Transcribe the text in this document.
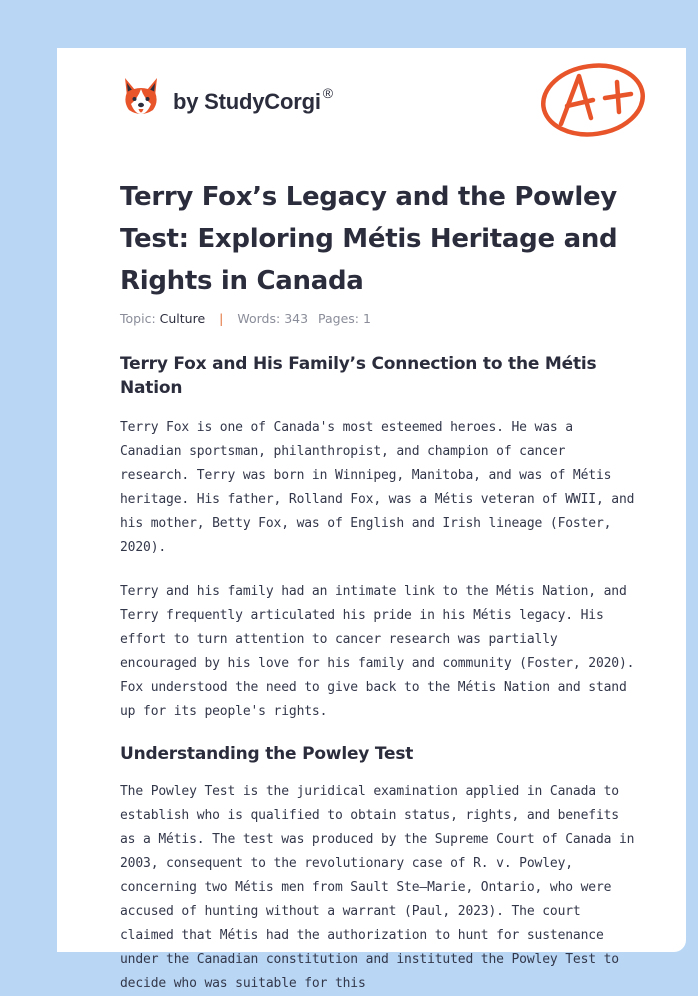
by StudyCorgi ®
Terry Fox’s Legacy and the Powley Test: Exploring Métis Heritage and Rights in Canada
Topic: Culture | Words: 343 Pages: 1
Terry Fox and His Family’s Connection to the Métis Nation

Terry Fox is one of Canada's most esteemed heroes. He was a Canadian sportsman, philanthropist, and champion of cancer research. Terry was born in Winnipeg, Manitoba, and was of Métis heritage. His father, Rolland Fox, was a Métis veteran of WWII, and his mother, Betty Fox, was of English and Irish lineage (Foster, 2020).

Terry and his family had an intimate link to the Métis Nation, and Terry frequently articulated his pride in his Métis legacy. His effort to turn attention to cancer research was partially encouraged by his love for his family and community (Foster, 2020). Fox understood the need to give back to the Métis Nation and stand up for its people's rights.

Understanding the Powley Test

The Powley Test is the juridical examination applied in Canada to establish who is qualified to obtain status, rights, and benefits as a Métis. The test was produced by the Supreme Court of Canada in 2003, consequent to the revolutionary case of R. v. Powley, concerning two Métis men from Sault Ste—Marie, Ontario, who were accused of hunting without a warrant (Paul, 2023). The court claimed that Métis had the authorization to hunt for sustenance under the Canadian constitution and instituted the Powley Test to decide who was suitable for this
